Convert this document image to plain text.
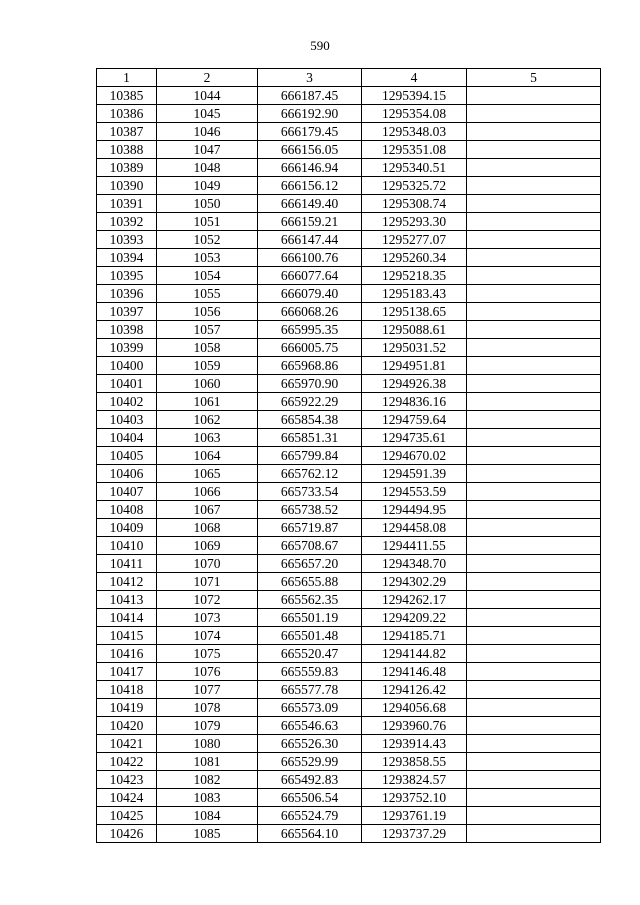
590
1	2	3	4	5
10385	1044	666187.45	1295394.15	
10386	1045	666192.90	1295354.08	
10387	1046	666179.45	1295348.03	
10388	1047	666156.05	1295351.08	
10389	1048	666146.94	1295340.51	
10390	1049	666156.12	1295325.72	
10391	1050	666149.40	1295308.74	
10392	1051	666159.21	1295293.30	
10393	1052	666147.44	1295277.07	
10394	1053	666100.76	1295260.34	
10395	1054	666077.64	1295218.35	
10396	1055	666079.40	1295183.43	
10397	1056	666068.26	1295138.65	
10398	1057	665995.35	1295088.61	
10399	1058	666005.75	1295031.52	
10400	1059	665968.86	1294951.81	
10401	1060	665970.90	1294926.38	
10402	1061	665922.29	1294836.16	
10403	1062	665854.38	1294759.64	
10404	1063	665851.31	1294735.61	
10405	1064	665799.84	1294670.02	
10406	1065	665762.12	1294591.39	
10407	1066	665733.54	1294553.59	
10408	1067	665738.52	1294494.95	
10409	1068	665719.87	1294458.08	
10410	1069	665708.67	1294411.55	
10411	1070	665657.20	1294348.70	
10412	1071	665655.88	1294302.29	
10413	1072	665562.35	1294262.17	
10414	1073	665501.19	1294209.22	
10415	1074	665501.48	1294185.71	
10416	1075	665520.47	1294144.82	
10417	1076	665559.83	1294146.48	
10418	1077	665577.78	1294126.42	
10419	1078	665573.09	1294056.68	
10420	1079	665546.63	1293960.76	
10421	1080	665526.30	1293914.43	
10422	1081	665529.99	1293858.55	
10423	1082	665492.83	1293824.57	
10424	1083	665506.54	1293752.10	
10425	1084	665524.79	1293761.19	
10426	1085	665564.10	1293737.29	
